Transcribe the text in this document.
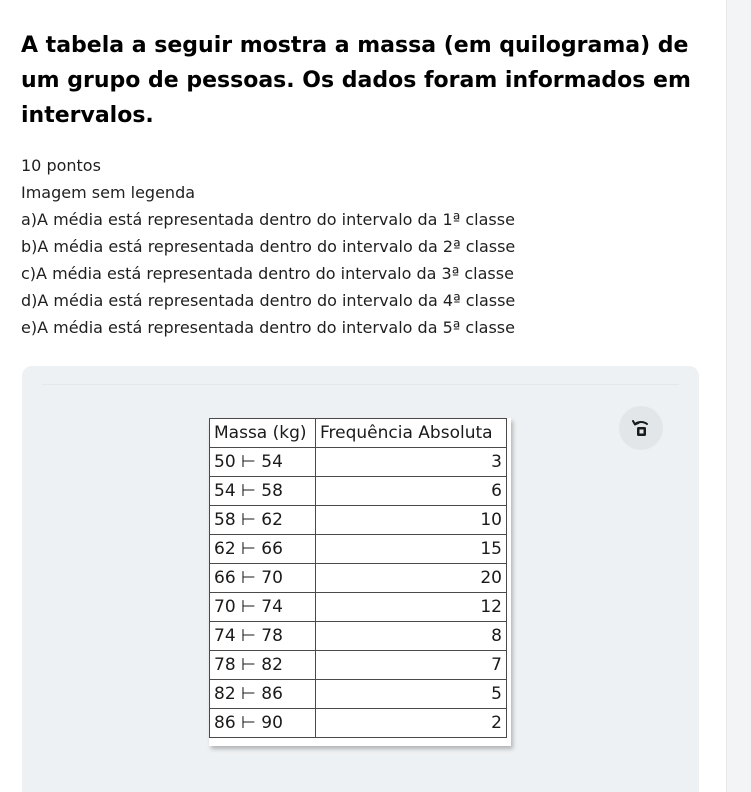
A tabela a seguir mostra a massa (em quilograma) de um grupo de pessoas. Os dados foram informados em intervalos.
10 pontos
Imagem sem legenda
a)A média está representada dentro do intervalo da 1ª classe
b)A média está representada dentro do intervalo da 2ª classe
c)A média está representada dentro do intervalo da 3ª classe
d)A média está representada dentro do intervalo da 4ª classe
e)A média está representada dentro do intervalo da 5ª classe
Massa (kg)	Frequência Absoluta
50 ⊢ 54	3
54 ⊢ 58	6
58 ⊢ 62	10
62 ⊢ 66	15
66 ⊢ 70	20
70 ⊢ 74	12
74 ⊢ 78	8
78 ⊢ 82	7
82 ⊢ 86	5
86 ⊢ 90	2
